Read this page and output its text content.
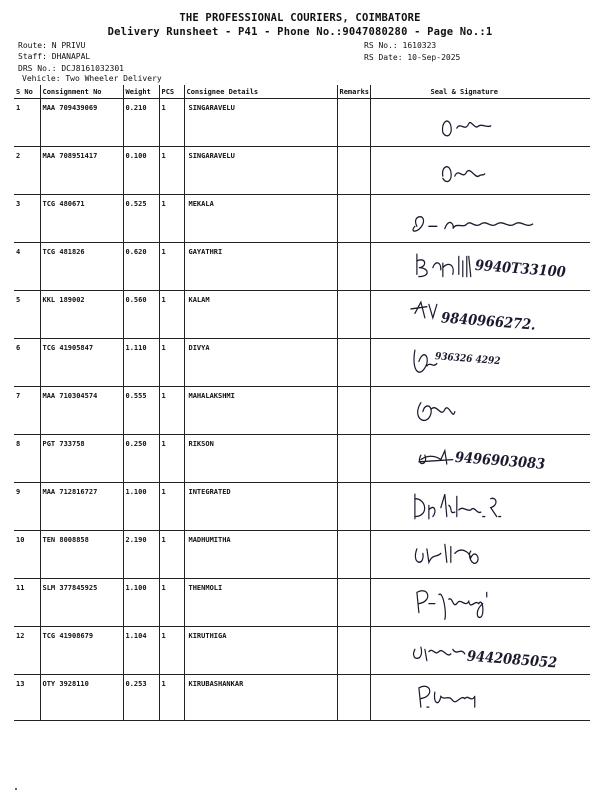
THE PROFESSIONAL COURIERS, COIMBATORE
Delivery Runsheet - P41 - Phone No.:9047080280 - Page No.:1
Route: N PRIVU
Staff: DHANAPAL
DRS No.: DCJ8161032301
Vehicle: Two Wheeler Delivery
RS No.: 1610323
RS Date: 10-Sep-2025
S No	Consignment No	Weight	PCS	Consignee Details	Remarks	Seal & Signature
1	MAA 709439069	0.210	1	SINGARAVELU		

2	MAA 708951417	0.100	1	SINGARAVELU		

3	TCG 480671	0.525	1	MEKALA		

4	TCG 481826	0.620	1	GAYATHRI		9940T33100

5	KKL 189002	0.560	1	KALAM		9840966272.

6	TCG 41905847	1.110	1	DIVYA		936326 4292

7	MAA 710304574	0.555	1	MAHALAKSHMI		

8	PGT 733758	0.250	1	RIKSON		9496903083

9	MAA 712816727	1.100	1	INTEGRATED		

10	TEN 8008858	2.190	1	MADHUMITHA		

11	SLM 377845925	1.100	1	THENMOLI		

12	TCG 41908679	1.104	1	KIRUTHIGA		9442085052

13	OTY 3928110	0.253	1	KIRUBASHANKAR		
